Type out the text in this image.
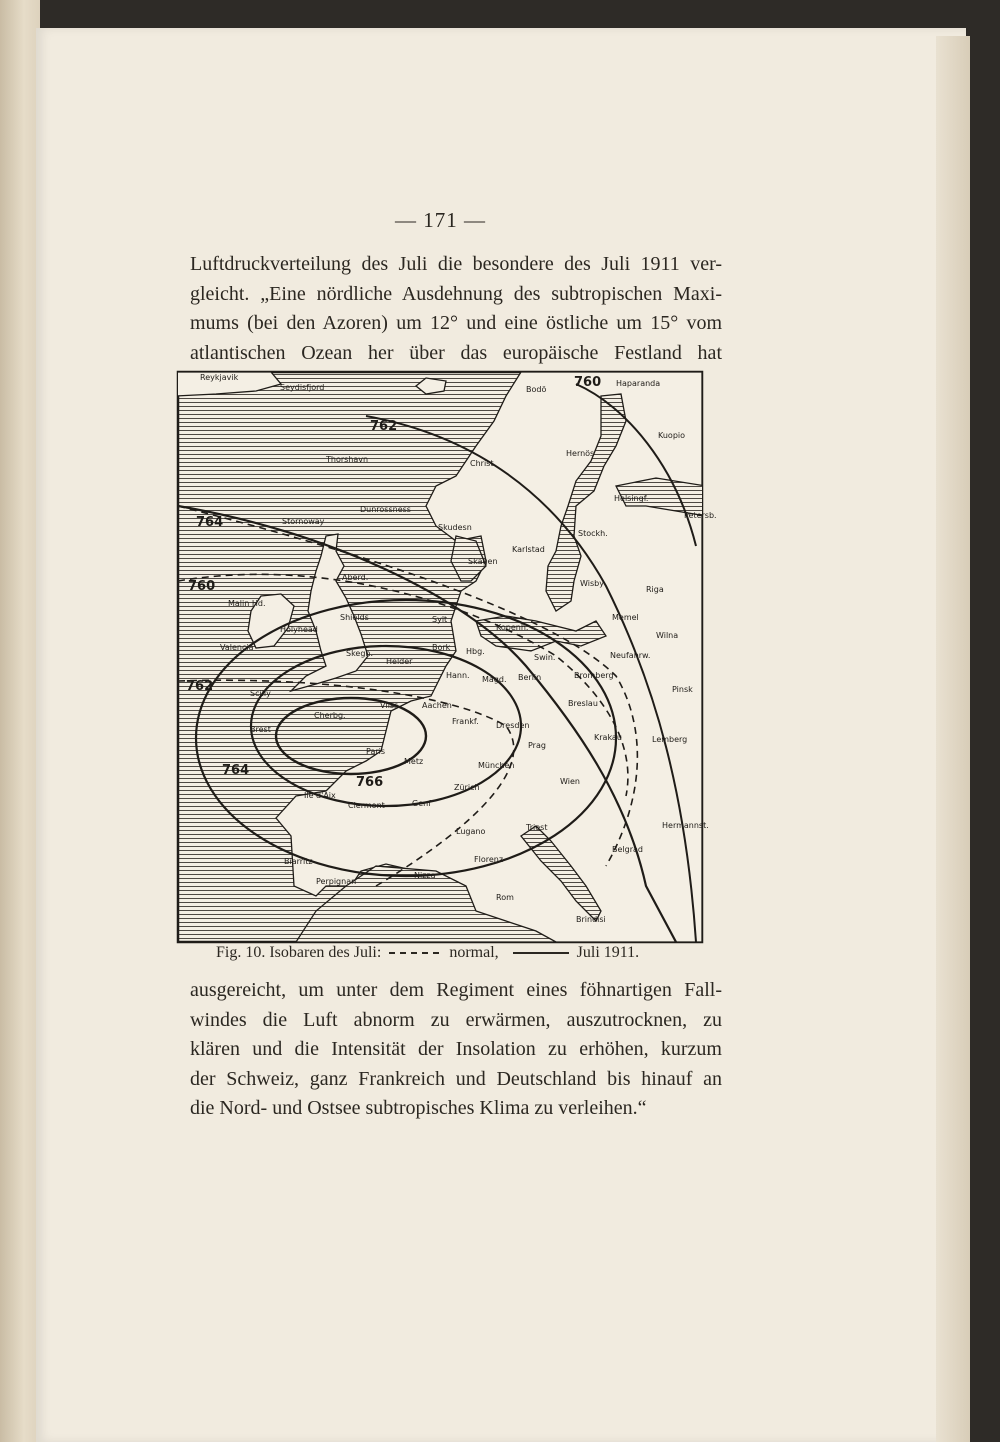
— 171 —
Luftdruckverteilung des Juli die besondere des Juli 1911 ver-
gleicht. „Eine nördliche Ausdehnung des subtropischen Maxi-
mums (bei den Azoren) um 12° und eine östliche um 15° vom
atlantischen Ozean her über das europäische Festland hat
760
762
764
760
762
764
766
Reykjavik
Seydisfjord	Bodö
Haparanda
Kuopio
Thorshavn	Christ
Hernös
Helsingf.
Petersb.
Dunrossness
Stornoway
Skudesn
Karlstad
Stockh.
Skagen
Aberd.
Malin Hd.
Wisby
Riga
Shields	Sylt
Kopenh.
Memel
Wilna
Holyhead
Valencia
Skegn.
Helder
Bork Hbg.
Swin.	Neufahrw.
Hann. Magd. Berlin	Bromberg
Pinsk
Scilly
Vliss.	Aachen	Breslau
Cherbg.
Frankf. Dresden
Brest
Krakau	Lemberg
Paris
Metz
Prag
München
Wien
Ile d'Aix
Zürich
Clermont	Genf
Lugano	Triest	Hermannst.
Belgrad
Biarritz
Perpignan
Florenz
Nizza
Rom
Brindisi
Fig. 10. Isobaren des Juli:	normal,	Juli 1911.
ausgereicht, um unter dem Regiment eines föhnartigen Fall-
windes die Luft abnorm zu erwärmen, auszutrocknen, zu
klären und die Intensität der Insolation zu erhöhen, kurzum
der Schweiz, ganz Frankreich und Deutschland bis hinauf an
die Nord- und Ostsee subtropisches Klima zu verleihen.“
